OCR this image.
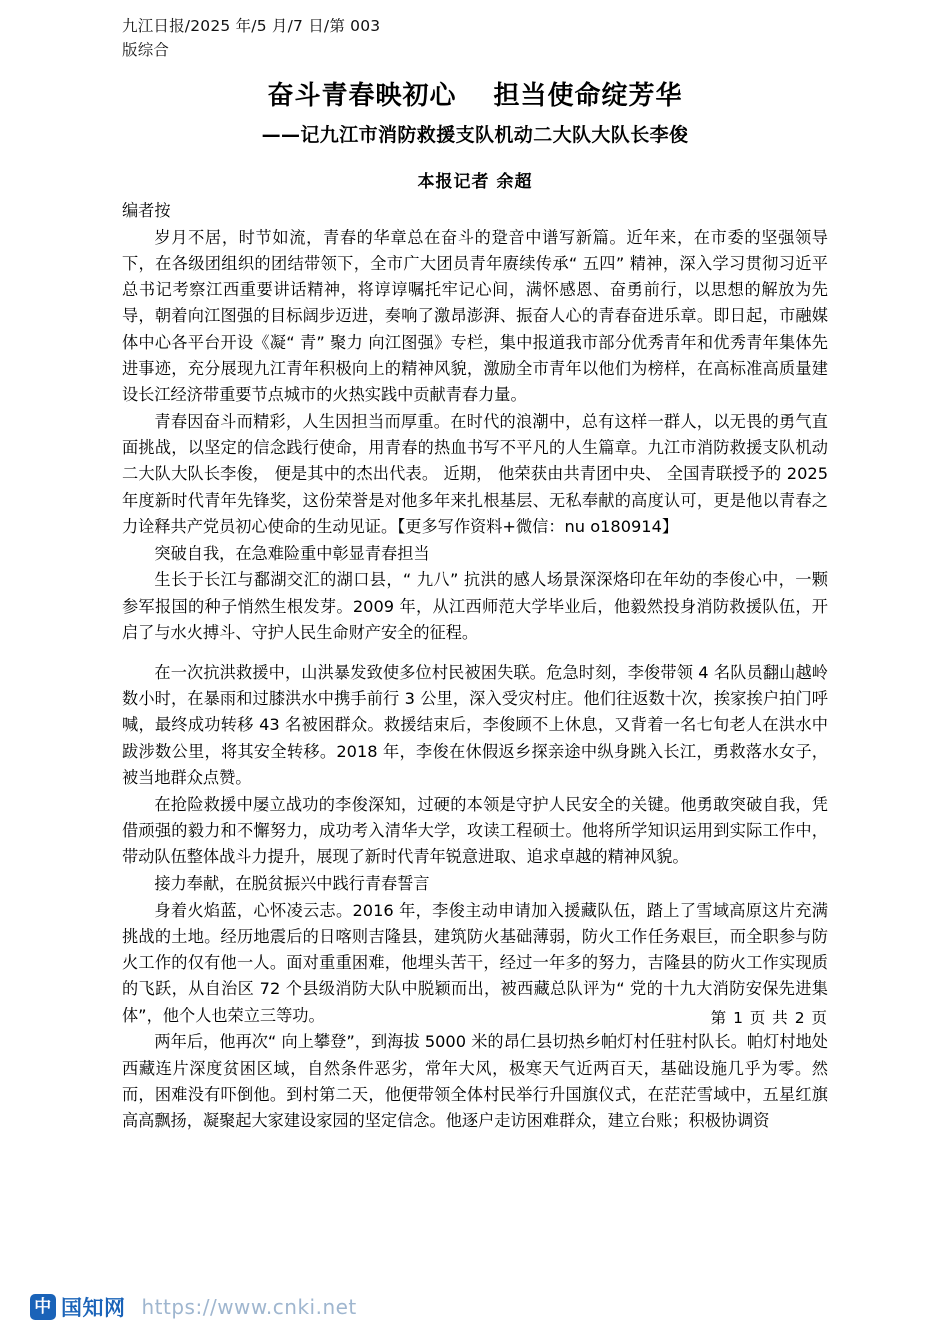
九江日报/2025 年/5 月/7 日/第 003
版综合
奋斗青春映初心　 担当使命绽芳华
——记九江市消防救援支队机动二大队大队长李俊
本报记者 余超

编者按

岁月不居，时节如流，青春的华章总在奋斗的跫音中谱写新篇。近年来，在市委的坚强领导下，在各级团组织的团结带领下，全市广大团员青年赓续传承“ 五四” 精神，深入学习贯彻习近平总书记考察江西重要讲话精神，将谆谆嘱托牢记心间，满怀感恩、奋勇前行，以思想的解放为先导，朝着向江图强的目标阔步迈进，奏响了激昂澎湃、振奋人心的青春奋进乐章。即日起，市融媒体中心各平台开设《凝“ 青” 聚力 向江图强》专栏，集中报道我市部分优秀青年和优秀青年集体先进事迹，充分展现九江青年积极向上的精神风貌，激励全市青年以他们为榜样，在高标准高质量建设长江经济带重要节点城市的火热实践中贡献青春力量。

青春因奋斗而精彩，人生因担当而厚重。在时代的浪潮中，总有这样一群人，以无畏的勇气直面挑战，以坚定的信念践行使命，用青春的热血书写不平凡的人生篇章。九江市消防救援支队机动二大队大队长李俊， 便是其中的杰出代表。 近期， 他荣获由共青团中央、 全国青联授予的 2025 年度新时代青年先锋奖，这份荣誉是对他多年来扎根基层、无私奉献的高度认可，更是他以青春之力诠释共产党员初心使命的生动见证。【更多写作资料+微信：nu o180914】

突破自我，在急难险重中彰显青春担当

生长于长江与鄱湖交汇的湖口县，“ 九八” 抗洪的感人场景深深烙印在年幼的李俊心中，一颗参军报国的种子悄然生根发芽。2009 年，从江西师范大学毕业后，他毅然投身消防救援队伍，开启了与水火搏斗、守护人民生命财产安全的征程。

在一次抗洪救援中，山洪暴发致使多位村民被困失联。危急时刻，李俊带领 4 名队员翻山越岭数小时，在暴雨和过膝洪水中携手前行 3 公里，深入受灾村庄。他们往返数十次，挨家挨户拍门呼喊，最终成功转移 43 名被困群众。救援结束后，李俊顾不上休息，又背着一名七旬老人在洪水中跋涉数公里，将其安全转移。2018 年，李俊在休假返乡探亲途中纵身跳入长江，勇救落水女子，被当地群众点赞。

在抢险救援中屡立战功的李俊深知，过硬的本领是守护人民安全的关键。他勇敢突破自我，凭借顽强的毅力和不懈努力，成功考入清华大学，攻读工程硕士。他将所学知识运用到实际工作中，带动队伍整体战斗力提升，展现了新时代青年锐意进取、追求卓越的精神风貌。

接力奉献，在脱贫振兴中践行青春誓言

身着火焰蓝，心怀凌云志。2016 年，李俊主动申请加入援藏队伍，踏上了雪域高原这片充满挑战的土地。经历地震后的日喀则吉隆县，建筑防火基础薄弱，防火工作任务艰巨，而全职参与防火工作的仅有他一人。面对重重困难，他埋头苦干，经过一年多的努力，吉隆县的防火工作实现质的飞跃，从自治区 72 个县级消防大队中脱颖而出，被西藏总队评为“ 党的十九大消防安保先进集体”，他个人也荣立三等功。

两年后，他再次“ 向上攀登”，到海拔 5000 米的昂仁县切热乡帕灯村任驻村队长。帕灯村地处西藏连片深度贫困区域，自然条件恶劣，常年大风，极寒天气近两百天，基础设施几乎为零。然而，困难没有吓倒他。到村第二天，他便带领全体村民举行升国旗仪式，在茫茫雪域中，五星红旗高高飘扬，凝聚起大家建设家园的坚定信念。他逐户走访困难群众，建立台账；积极协调资

第 1 页 共 2 页
中 国知网 https://www.cnki.net
